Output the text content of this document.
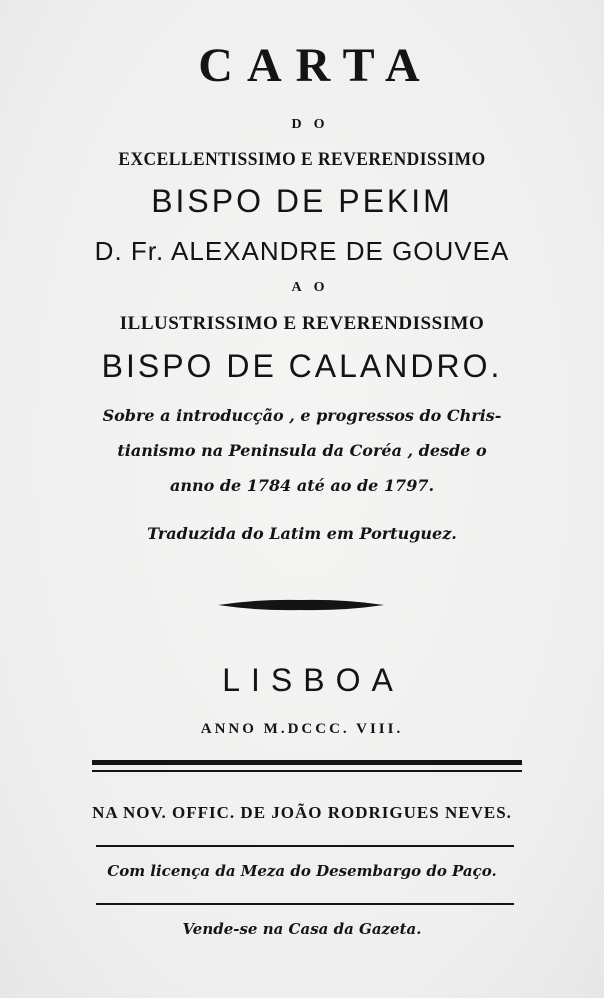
CARTA
DO
EXCELLENTISSIMO E REVERENDISSIMO
BISPO DE PEKIM
D. Fr. ALEXANDRE DE GOUVEA
AO
ILLUSTRISSIMO E REVERENDISSIMO
BISPO DE CALANDRO.
Sobre a introducção , e progressos do Chris-
tianismo na Peninsula da Coréa , desde o
anno de 1784 até ao de 1797.
Traduzida do Latim em Portuguez.
LISBOA
ANNO M.DCCC. VIII.
NA NOV. OFFIC. DE JOÃO RODRIGUES NEVES.
Com licença da Meza do Desembargo do Paço.
Vende-se na Casa da Gazeta.
